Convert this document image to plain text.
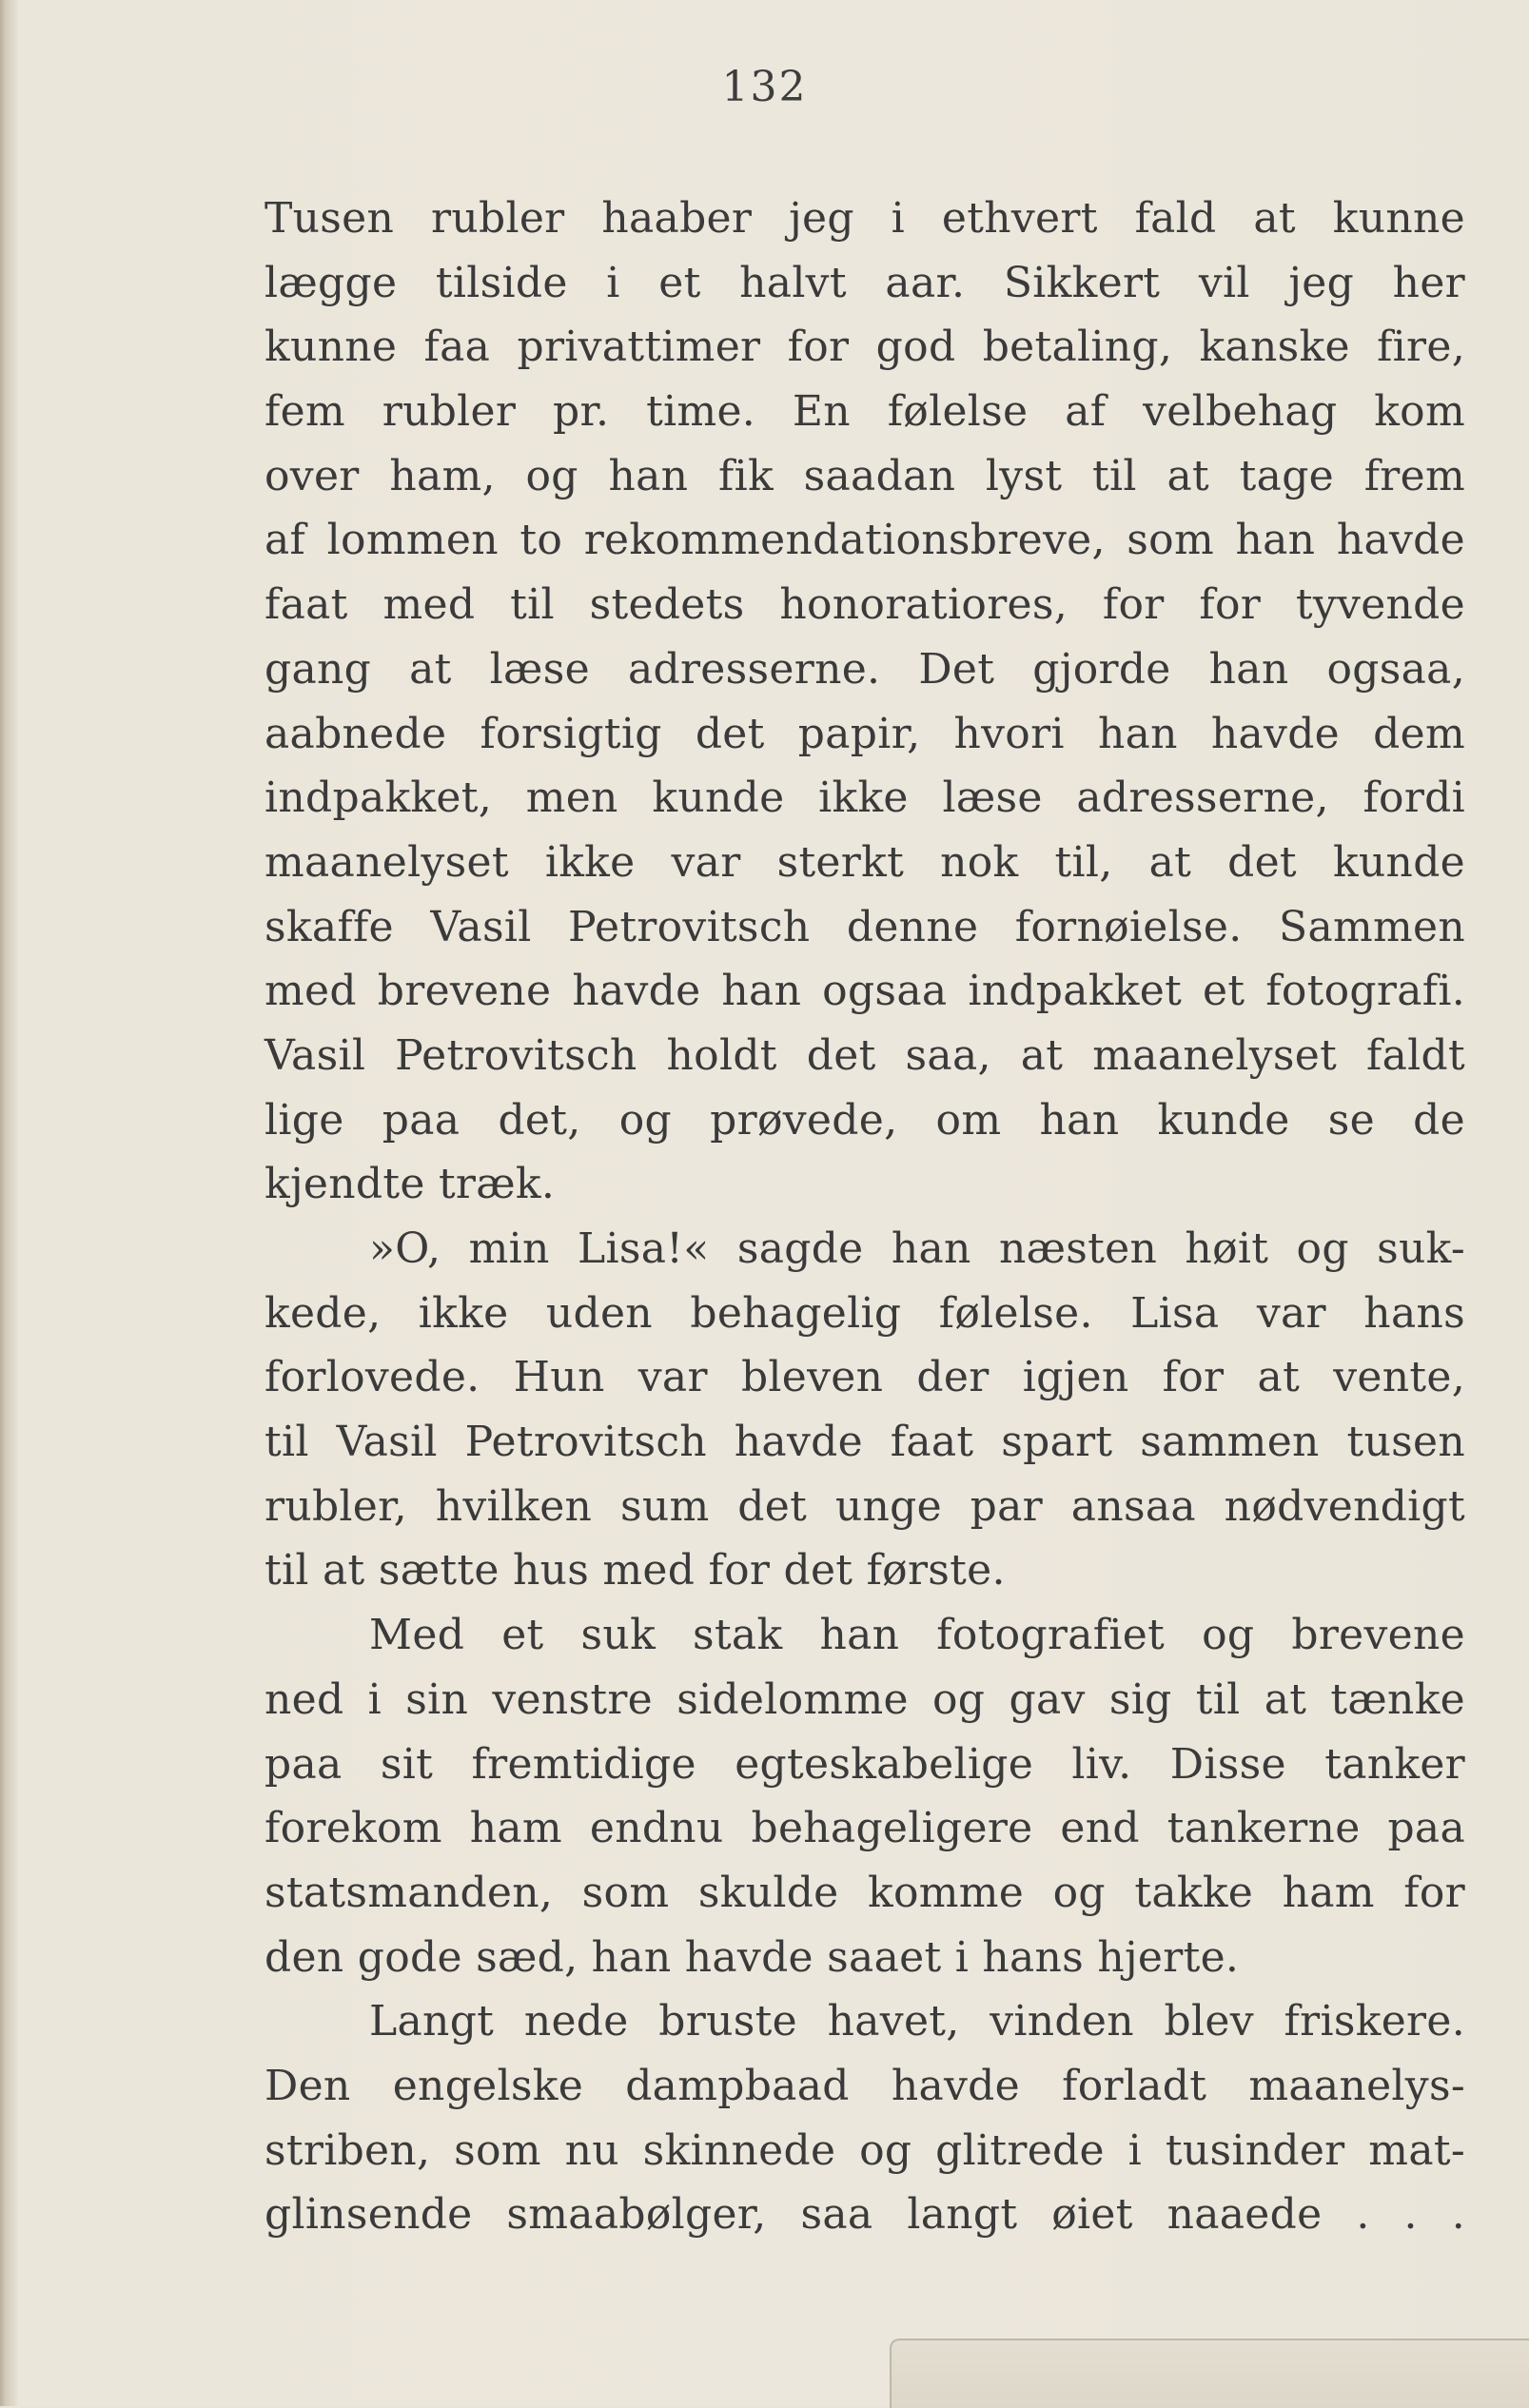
132
Tusen rubler haaber jeg i ethvert fald at kunne
lægge tilside i et halvt aar. Sikkert vil jeg her
kunne faa privattimer for god betaling, kanske fire,
fem rubler pr. time. En følelse af velbehag kom
over ham, og han fik saadan lyst til at tage frem
af lommen to rekommendationsbreve, som han havde
faat med til stedets honoratiores, for for tyvende
gang at læse adresserne. Det gjorde han ogsaa,
aabnede forsigtig det papir, hvori han havde dem
indpakket, men kunde ikke læse adresserne, fordi
maanelyset ikke var sterkt nok til, at det kunde
skaffe Vasil Petrovitsch denne fornøielse. Sammen
med brevene havde han ogsaa indpakket et fotografi.
Vasil Petrovitsch holdt det saa, at maanelyset faldt
lige paa det, og prøvede, om han kunde se de
kjendte træk.
»O, min Lisa!« sagde han næsten høit og suk-
kede, ikke uden behagelig følelse. Lisa var hans
forlovede. Hun var bleven der igjen for at vente,
til Vasil Petrovitsch havde faat spart sammen tusen
rubler, hvilken sum det unge par ansaa nødvendigt
til at sætte hus med for det første.
Med et suk stak han fotografiet og brevene
ned i sin venstre sidelomme og gav sig til at tænke
paa sit fremtidige egteskabelige liv. Disse tanker
forekom ham endnu behageligere end tankerne paa
statsmanden, som skulde komme og takke ham for
den gode sæd, han havde saaet i hans hjerte.
Langt nede bruste havet, vinden blev friskere.
Den engelske dampbaad havde forladt maanelys-
striben, som nu skinnede og glitrede i tusinder mat-
glinsende smaabølger, saa langt øiet naaede . . .
